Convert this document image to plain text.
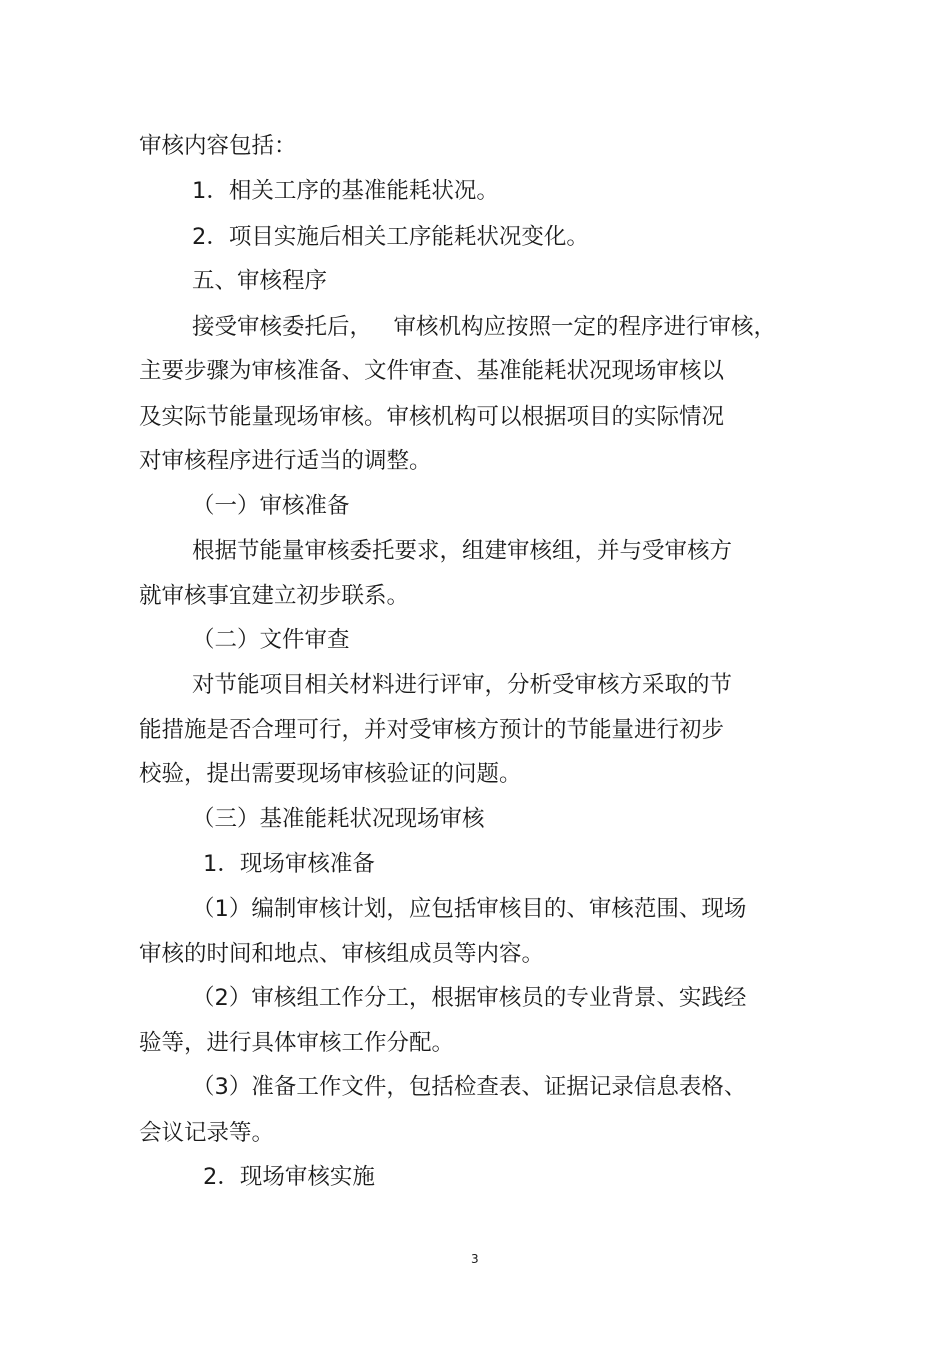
审核内容包括：

1．相关工序的基准能耗状况。

2．项目实施后相关工序能耗状况变化。

五、审核程序

接受审核委托后，   审核机构应按照一定的程序进行审核，

主要步骤为审核准备、文件审查、基准能耗状况现场审核以

及实际节能量现场审核。审核机构可以根据项目的实际情况

对审核程序进行适当的调整。

（一）审核准备

根据节能量审核委托要求，组建审核组，并与受审核方

就审核事宜建立初步联系。

（二）文件审查

对节能项目相关材料进行评审，分析受审核方采取的节

能措施是否合理可行，并对受审核方预计的节能量进行初步

校验，提出需要现场审核验证的问题。

（三）基准能耗状况现场审核

1．现场审核准备

（1）编制审核计划，应包括审核目的、审核范围、现场

审核的时间和地点、审核组成员等内容。

（2）审核组工作分工，根据审核员的专业背景、实践经

验等，进行具体审核工作分配。

（3）准备工作文件，包括检查表、证据记录信息表格、

会议记录等。

2．现场审核实施

3
